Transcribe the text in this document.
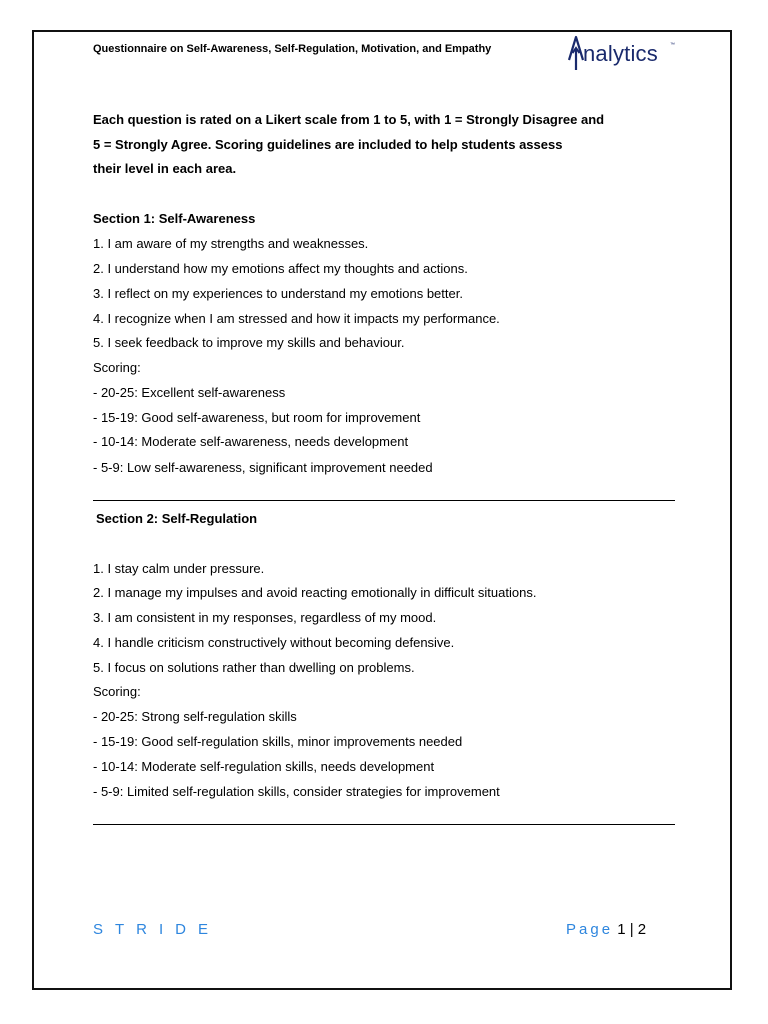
Questionnaire on Self-Awareness, Self-Regulation, Motivation, and Empathy	nalytics ™
Each question is rated on a Likert scale from 1 to 5, with 1 = Strongly Disagree and
5 = Strongly Agree. Scoring guidelines are included to help students assess
their level in each area.
Section 1: Self-Awareness
1. I am aware of my strengths and weaknesses.
2. I understand how my emotions affect my thoughts and actions.
3. I reflect on my experiences to understand my emotions better.
4. I recognize when I am stressed and how it impacts my performance.
5. I seek feedback to improve my skills and behaviour.
Scoring:
- 20-25: Excellent self-awareness
- 15-19: Good self-awareness, but room for improvement
- 10-14: Moderate self-awareness, needs development
- 5-9: Low self-awareness, significant improvement needed
Section 2: Self-Regulation
1. I stay calm under pressure.
2. I manage my impulses and avoid reacting emotionally in difficult situations.
3. I am consistent in my responses, regardless of my mood.
4. I handle criticism constructively without becoming defensive.
5. I focus on solutions rather than dwelling on problems.
Scoring:
- 20-25: Strong self-regulation skills
- 15-19: Good self-regulation skills, minor improvements needed
- 10-14: Moderate self-regulation skills, needs development
- 5-9: Limited self-regulation skills, consider strategies for improvement
STRIDE	Page 1 | 2
